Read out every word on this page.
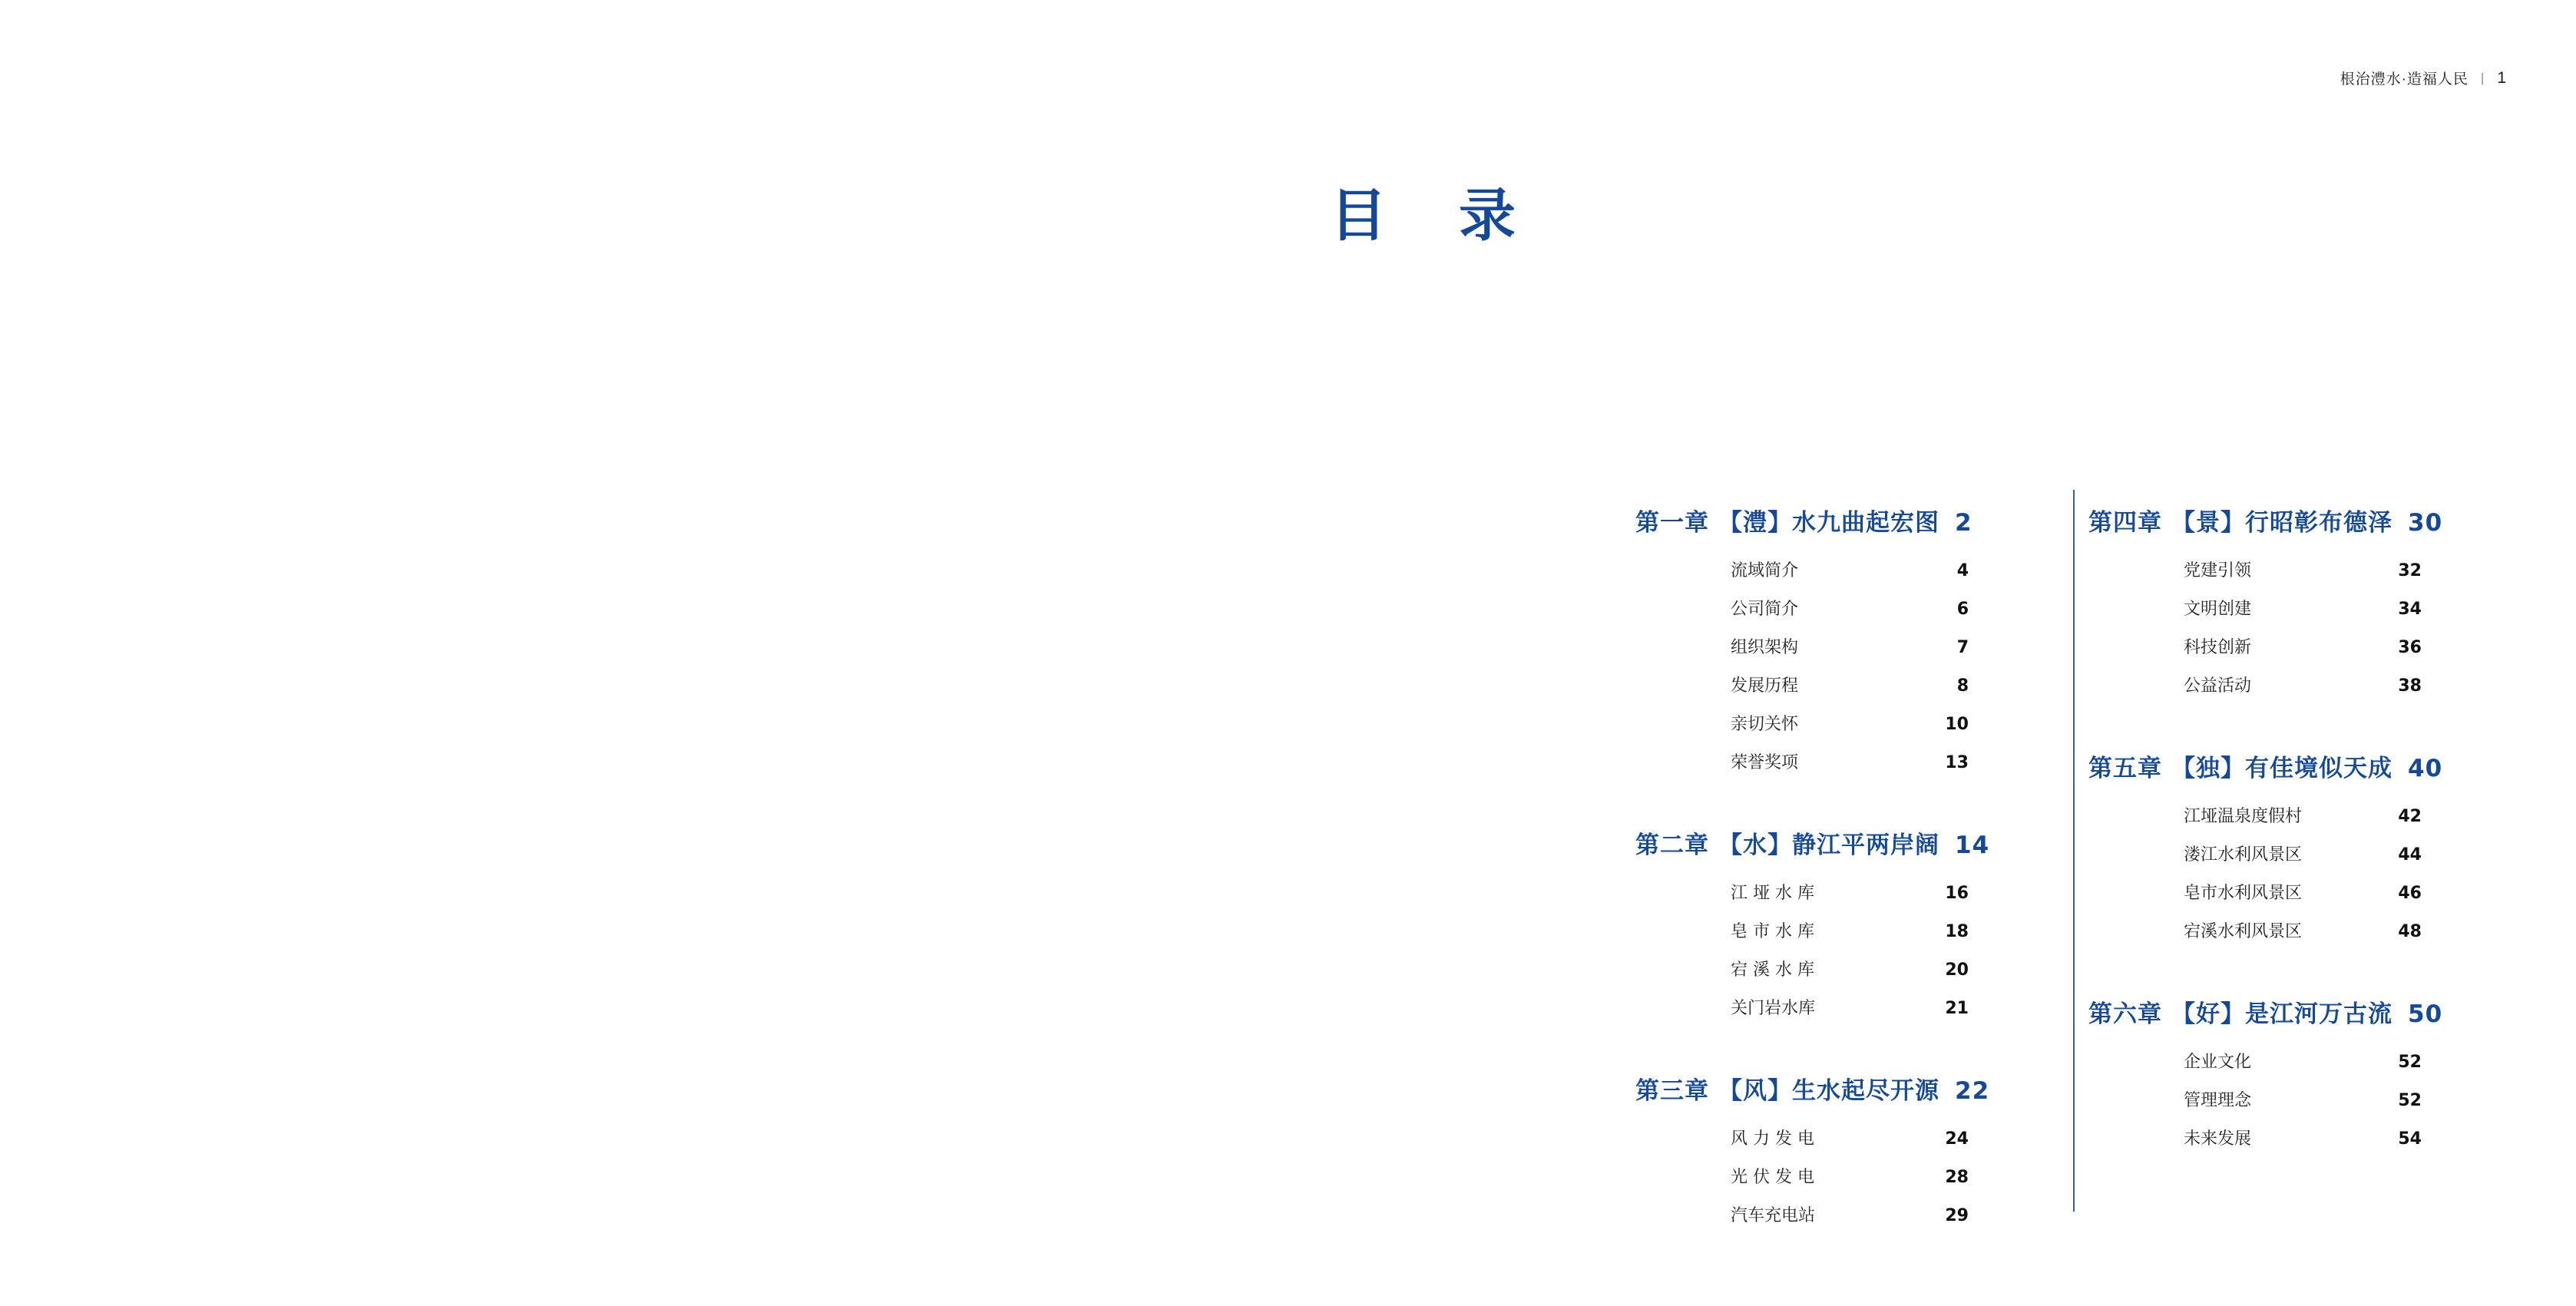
根治澧水·造福人民 | 1
目 录
第一章 【澧】水九曲起宏图 2
流域简介	4
公司简介	6
组织架构	7
发展历程	8
亲切关怀	10
荣誉奖项	13
第二章 【水】静江平两岸阔 14
江 垭 水 库	16
皂 市 水 库	18
宕 溪 水 库	20
关门岩水库	21
第三章 【风】生水起尽开源 22
风 力 发 电	24
光 伏 发 电	28
汽车充电站	29
第四章 【景】行昭彰布德泽 30
党建引领	32
文明创建	34
科技创新	36
公益活动	38
第五章 【独】有佳境似天成 40
江垭温泉度假村	42
溇江水利风景区	44
皂市水利风景区	46
宕溪水利风景区	48
第六章 【好】是江河万古流 50
企业文化	52
管理理念	52
未来发展	54
